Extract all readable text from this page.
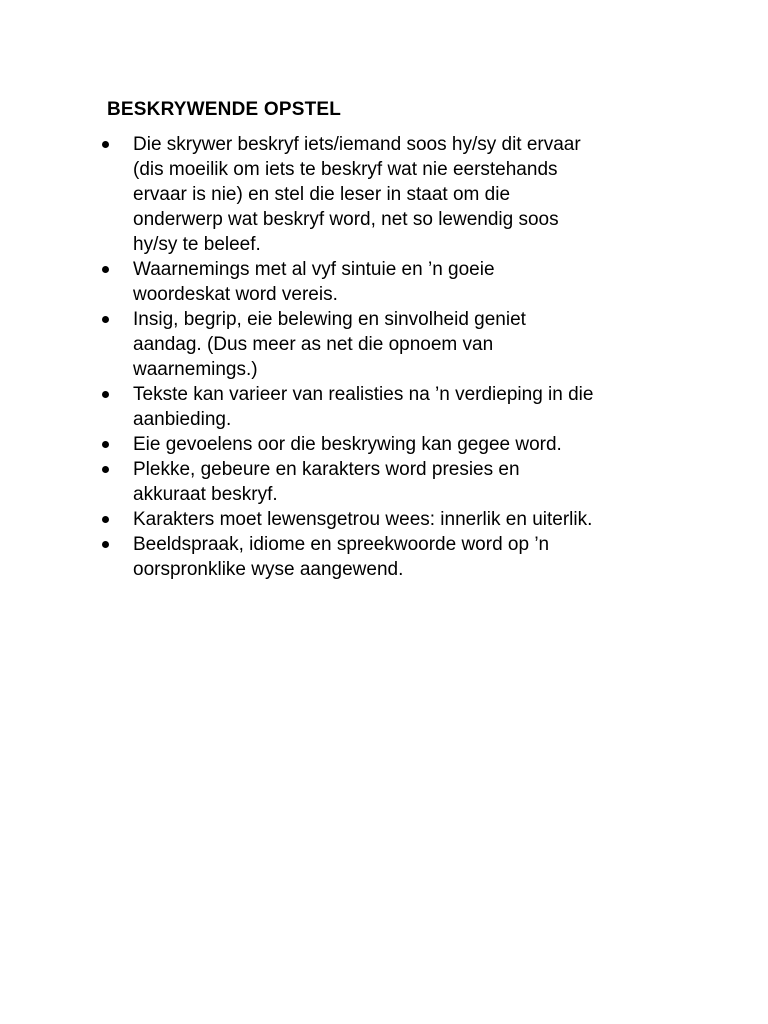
BESKRYWENDE OPSTEL
Die skrywer beskryf iets/iemand soos hy/sy dit ervaar
(dis moeilik om iets te beskryf wat nie eerstehands
ervaar is nie) en stel die leser in staat om die
onderwerp wat beskryf word, net so lewendig soos
hy/sy te beleef.
Waarnemings met al vyf sintuie en ’n goeie
woordeskat word vereis.
Insig, begrip, eie belewing en sinvolheid geniet
aandag. (Dus meer as net die opnoem van
waarnemings.)
Tekste kan varieer van realisties na ’n verdieping in die
aanbieding.
Eie gevoelens oor die beskrywing kan gegee word.
Plekke, gebeure en karakters word presies en
akkuraat beskryf.
Karakters moet lewensgetrou wees: innerlik en uiterlik.
Beeldspraak, idiome en spreekwoorde word op ’n
oorspronklike wyse aangewend.
